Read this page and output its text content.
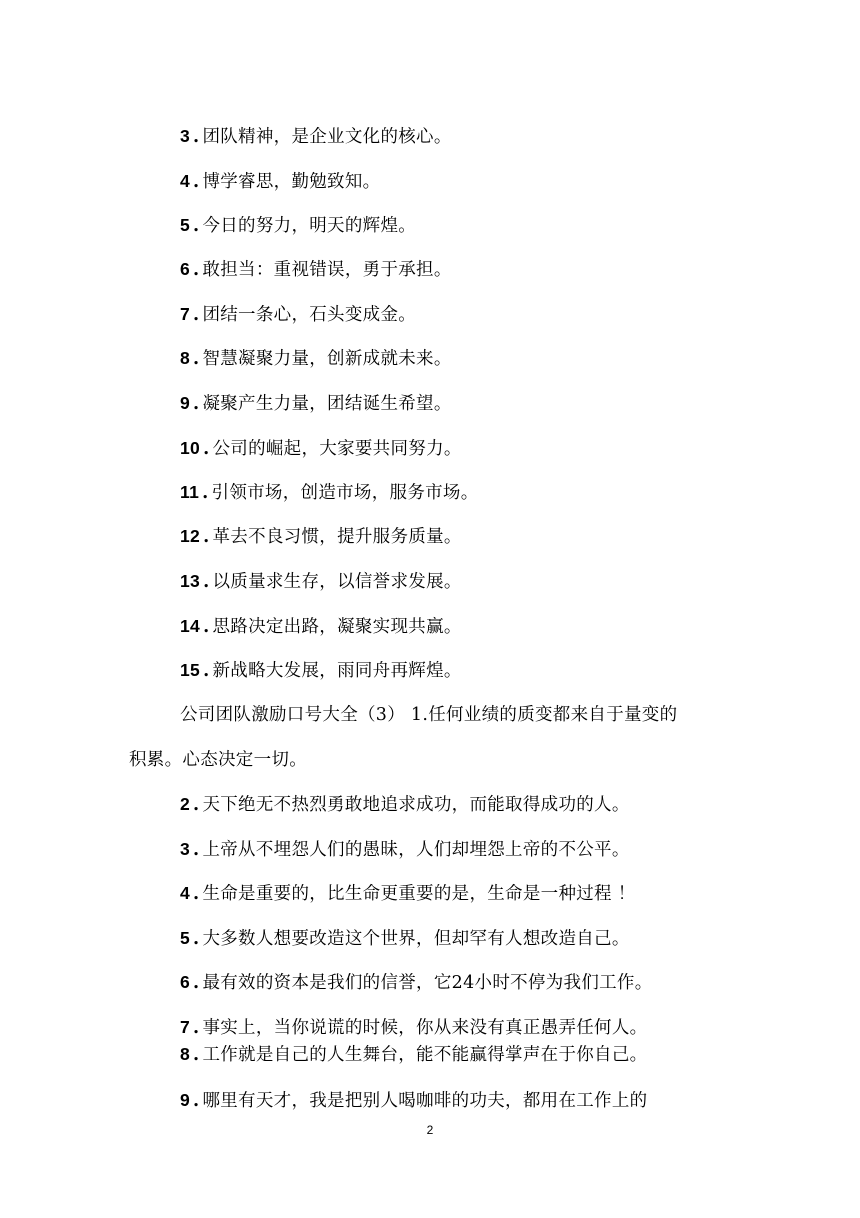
3 . 团队精神，是企业文化的核心。
4 . 博学睿思，勤勉致知。
5 . 今日的努力，明天的辉煌。
6 . 敢担当：重视错误，勇于承担。
7 . 团结一条心，石头变成金。
8 . 智慧凝聚力量，创新成就未来。
9 . 凝聚产生力量，团结诞生希望。
10 . 公司的崛起，大家要共同努力。
11 . 引领市场，创造市场，服务市场。
12 . 革去不良习惯，提升服务质量。
13 . 以质量求生存，以信誉求发展。
14 . 思路决定出路，凝聚实现共赢。
15 . 新战略大发展，雨同舟再辉煌。
公司团队激励口号大全（3） 1.任何业绩的质变都来自于量变的
积累。心态决定一切。
2 . 天下绝无不热烈勇敢地追求成功，而能取得成功的人。
3 . 上帝从不埋怨人们的愚昧，人们却埋怨上帝的不公平。
4 . 生命是重要的，比生命更重要的是，生命是一种过程 ！
5 . 大多数人想要改造这个世界，但却罕有人想改造自己。
6 . 最有效的资本是我们的信誉，它24小时不停为我们工作。
7 . 事实上，当你说谎的时候，你从来没有真正愚弄任何人。
8 . 工作就是自己的人生舞台，能不能赢得掌声在于你自己。
9 . 哪里有天才，我是把别人喝咖啡的功夫，都用在工作上的
2
